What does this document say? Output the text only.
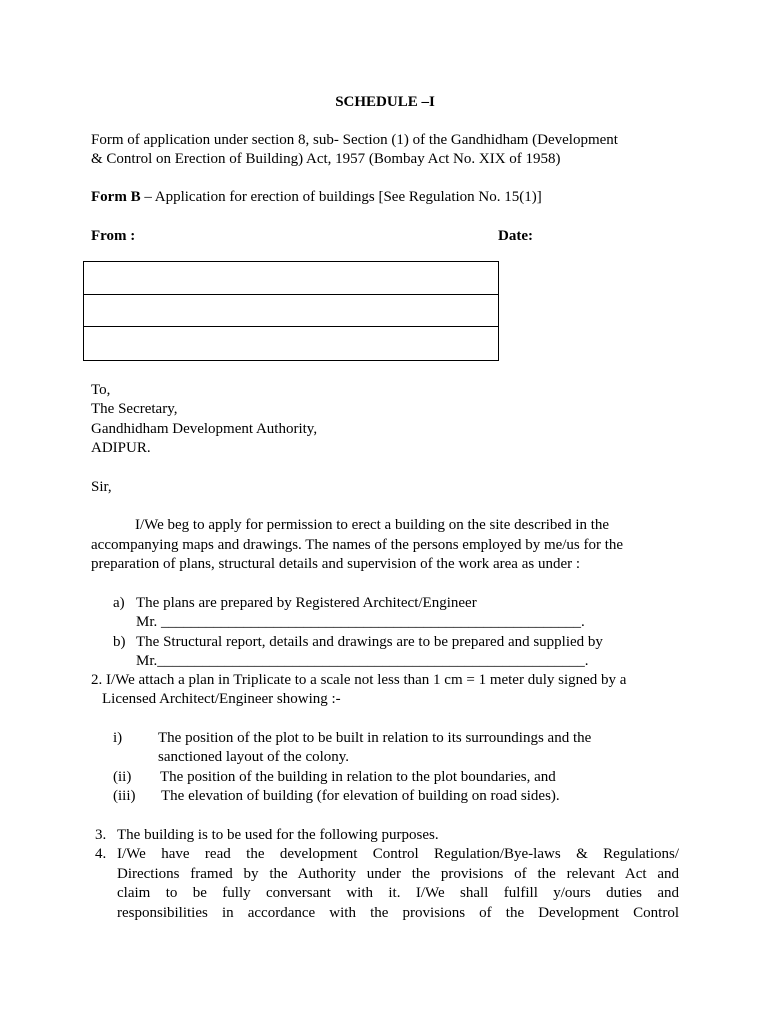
SCHEDULE –I
Form of application under section 8, sub- Section (1) of the Gandhidham (Development
& Control on Erection of Building) Act, 1957 (Bombay Act No. XIX of 1958)
Form B – Application for erection of buildings [See Regulation No. 15(1)]
From :	Date:
To,
The Secretary,
Gandhidham Development Authority,
ADIPUR.
Sir,
I/We beg to apply for permission to erect a building on the site described in the
accompanying maps and drawings. The names of the persons employed by me/us for the
preparation of plans, structural details and supervision of the work area as under :
a) The plans are prepared by Registered Architect/Engineer
Mr. ________________________________________________________.
b) The Structural report, details and drawings are to be prepared and supplied by
Mr._________________________________________________________.
2. I/We attach a plan in Triplicate to a scale not less than 1 cm = 1 meter duly signed by a
Licensed Architect/Engineer showing :-
i) The position of the plot to be built in relation to its surroundings and the
sanctioned layout of the colony.
(ii) The position of the building in relation to the plot boundaries, and
(iii) The elevation of building (for elevation of building on road sides).
3. The building is to be used for the following purposes.
4. I/We have read the development Control Regulation/Bye-laws & Regulations/
Directions framed by the Authority under the provisions of the relevant Act and
claim to be fully conversant with it. I/We shall fulfill y/ours duties and
responsibilities in accordance with the provisions of the Development Control
